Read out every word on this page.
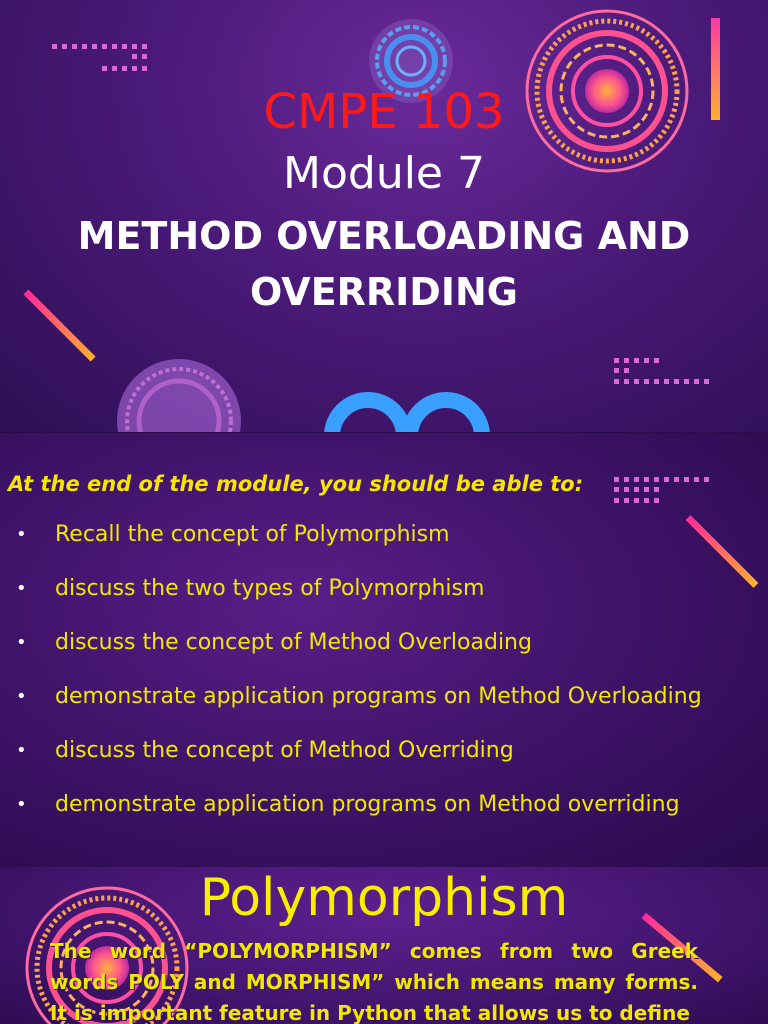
CMPE 103
Module 7
METHOD OVERLOADING AND OVERRIDING
At the end of the module, you should be able to:
• Recall the concept of Polymorphism
• discuss the two types of Polymorphism
• discuss the concept of Method Overloading
• demonstrate application programs on Method Overloading
• discuss the concept of Method Overriding
• demonstrate application programs on Method overriding
Polymorphism
The word “POLYMORPHISM” comes from two Greek words POLY and MORPHISM” which means many forms. It is important feature in Python that allows us to define
